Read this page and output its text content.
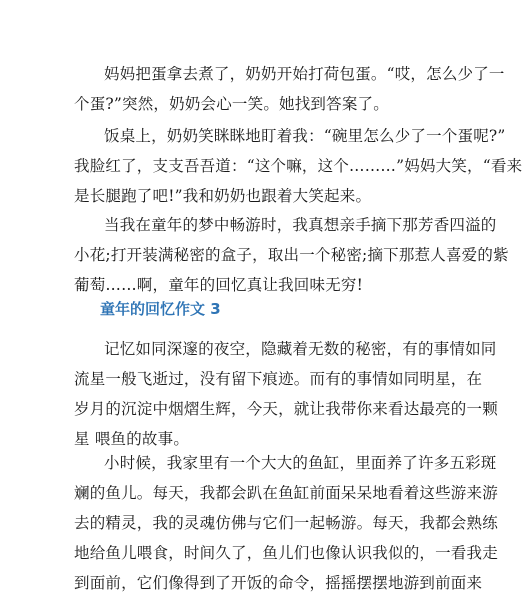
妈妈把蛋拿去煮了，奶奶开始打荷包蛋。“哎，怎么少了一
个蛋?”突然，奶奶会心一笑。她找到答案了。

饭桌上，奶奶笑眯眯地盯着我：“碗里怎么少了一个蛋呢?”
我脸红了，支支吾吾道：“这个嘛，这个………”妈妈大笑，“看来
是长腿跑了吧!”我和奶奶也跟着大笑起来。

当我在童年的梦中畅游时，我真想亲手摘下那芳香四溢的
小花;打开装满秘密的盒子，取出一个秘密;摘下那惹人喜爱的紫
葡萄……啊，童年的回忆真让我回味无穷!

童年的回忆作文 3

记忆如同深邃的夜空，隐藏着无数的秘密，有的事情如同
流星一般飞逝过，没有留下痕迹。而有的事情如同明星，在
岁月的沉淀中烟熠生辉，今天，就让我带你来看达最亮的一颗
星 喂鱼的故事。

小时候，我家里有一个大大的鱼缸，里面养了许多五彩斑
斓的鱼儿。每天，我都会趴在鱼缸前面呆呆地看着这些游来游
去的精灵，我的灵魂仿佛与它们一起畅游。每天，我都会熟练
地给鱼儿喂食，时间久了，鱼儿们也像认识我似的，一看我走
到面前，它们像得到了开饭的命令，摇摇摆摆地游到前面来
